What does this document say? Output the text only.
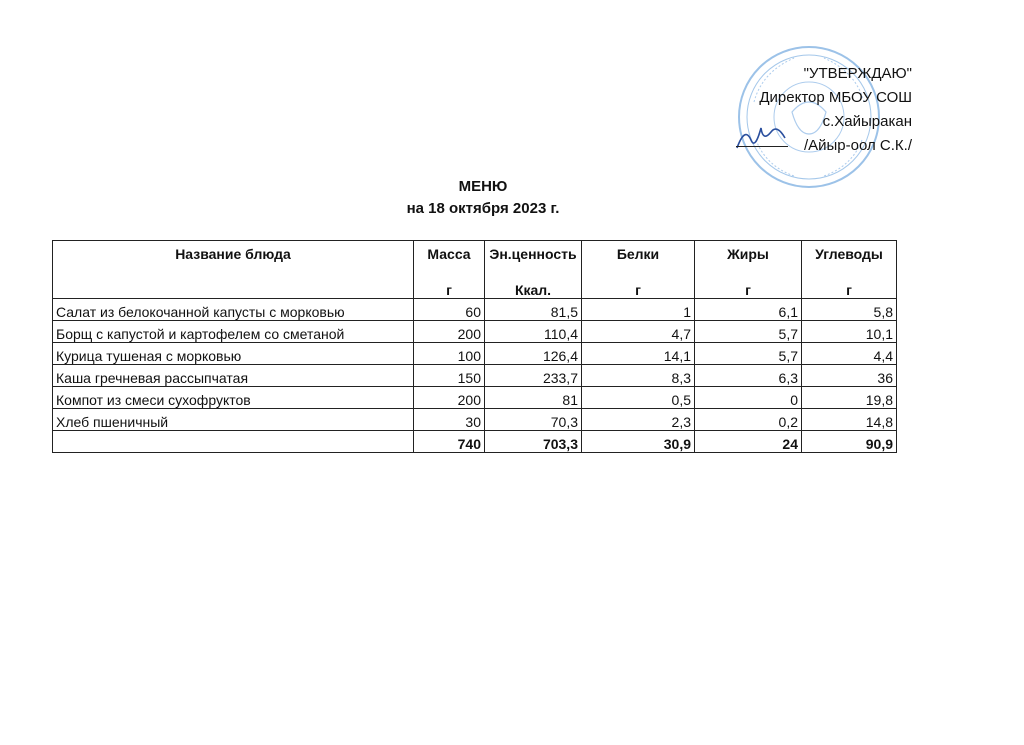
"УТВЕРЖДАЮ"
Директор МБОУ СОШ
с.Хайыракан
/Айыр-оол С.К./
МЕНЮ
на 18 октября 2023 г.
Название блюда	Масса	Эн.ценность	Белки	Жиры	Углеводы
	г	Ккал.	г	г	г
Салат из белокочанной капусты с морковью	60	81,5	1	6,1	5,8
Борщ с капустой и картофелем со сметаной	200	110,4	4,7	5,7	10,1
Курица тушеная с морковью	100	126,4	14,1	5,7	4,4
Каша гречневая рассыпчатая	150	233,7	8,3	6,3	36
Компот из смеси сухофруктов	200	81	0,5	0	19,8
Хлеб пшеничный	30	70,3	2,3	0,2	14,8
	740	703,3	30,9	24	90,9
